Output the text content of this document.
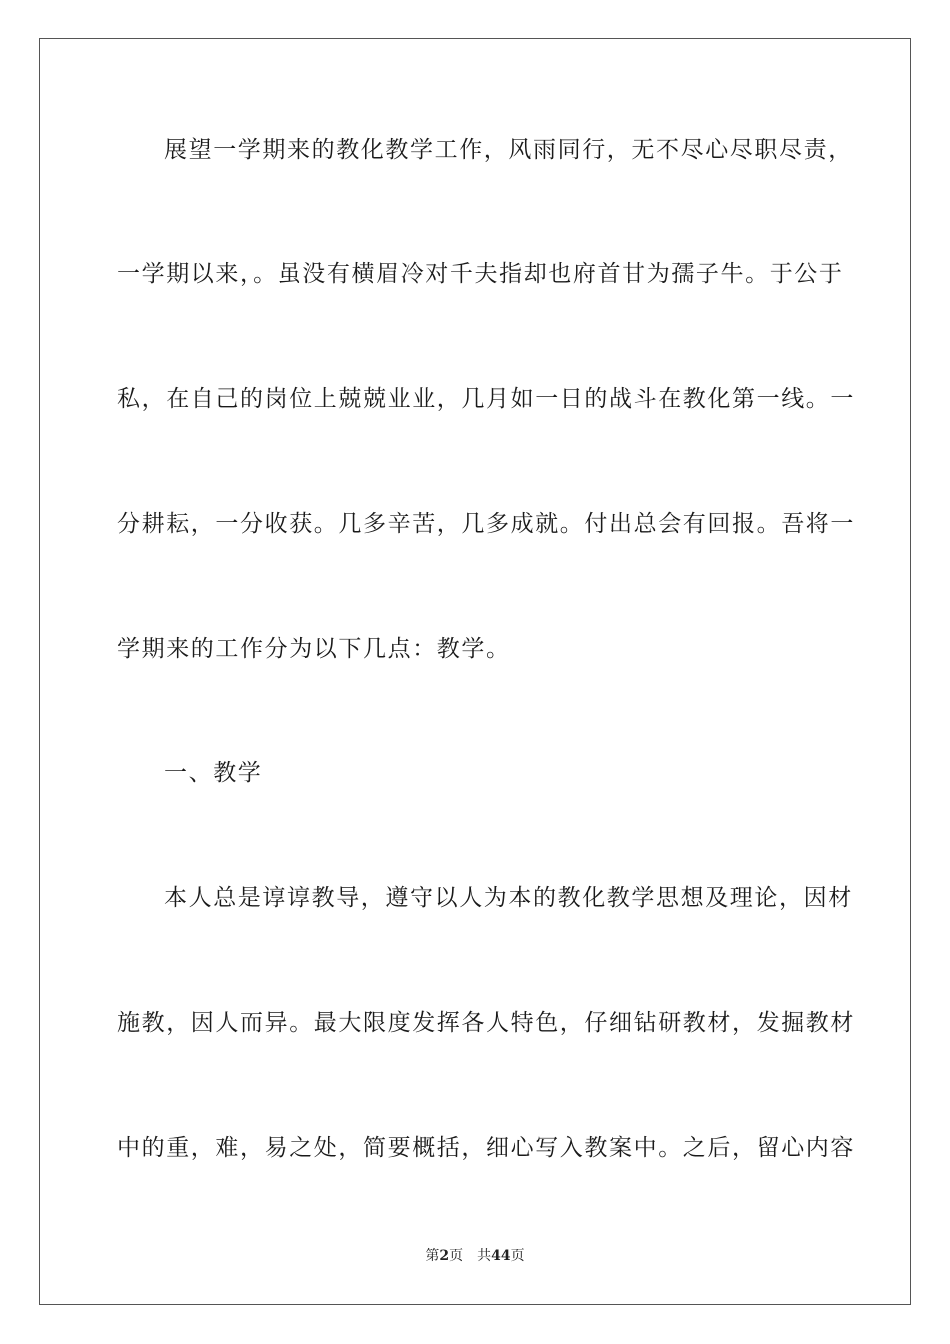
展望一学期来的教化教学工作，风雨同行，无不尽心尽职尽责，
一学期以来，。虽没有横眉冷对千夫指却也府首甘为孺子牛。于公于
私，在自己的岗位上兢兢业业，几月如一日的战斗在教化第一线。一
分耕耘，一分收获。几多辛苦，几多成就。付出总会有回报。吾将一
学期来的工作分为以下几点：教学。
一、教学
本人总是谆谆教导，遵守以人为本的教化教学思想及理论，因材
施教，因人而异。最大限度发挥各人特色，仔细钻研教材，发掘教材
中的重，难，易之处，简要概括，细心写入教案中。之后，留心内容
第2页 共44页
